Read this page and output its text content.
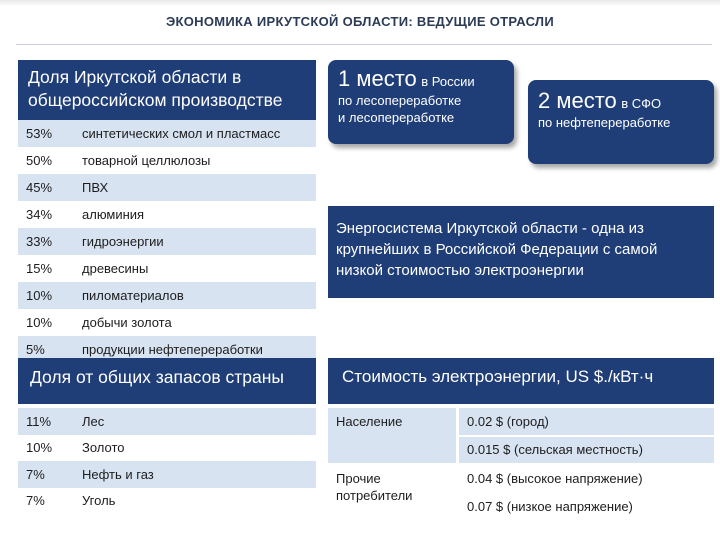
ЭКОНОМИКА ИРКУТСКОЙ ОБЛАСТИ: ВЕДУЩИЕ ОТРАСЛИ
Доля Иркутской области в общероссийском производстве
53%	синтетических смол и пластмасс
50%	товарной целлюлозы
45%	ПВХ
34%	алюминия
33%	гидроэнергии
15%	древесины
10%	пиломатериалов
10%	добычи золота
5%	продукции нефтепереработки
Доля от общих запасов страны
11%	Лес
10%	Золото
7%	Нефть и газ
7%	Уголь
1 место в России
по лесопереработке
и лесопереработке
2 место в СФО
по нефтепереработке
Энергосистема Иркутской области - одна из крупнейших в Российской Федерации с самой низкой стоимостью электроэнергии
Стоимость электроэнергии, US $./кВт·ч
Население	0.02 $ (город)
	0.015 $ (сельская местность)
Прочие потребители	0.04 $ (высокое напряжение)
	0.07 $ (низкое напряжение)
